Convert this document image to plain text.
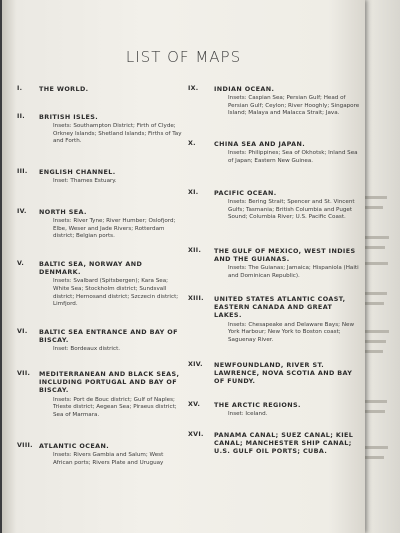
LIST OF MAPS
I.	THE WORLD.
II.	BRITISH ISLES.
Insets: Southampton District; Firth of Clyde; Orkney Islands; Shetland Islands; Firths of Tay and Forth.
III.	ENGLISH CHANNEL.
Inset: Thames Estuary.
IV.	NORTH SEA.
Insets: River Tyne; River Humber; Oslofjord; Elbe, Weser and Jade Rivers; Rotterdam district; Belgian ports.
V.	BALTIC SEA, NORWAY AND DENMARK.
Insets: Svalbard (Spitsbergen); Kara Sea; White Sea; Stockholm district; Sundsvall district; Hernosand district; Szczecin district; Limfjord.
VI.	BALTIC SEA ENTRANCE AND BAY OF BISCAY.
Inset: Bordeaux district.
VII.	MEDITERRANEAN AND BLACK SEAS, INCLUDING PORTUGAL AND BAY OF BISCAY.
Insets: Port de Bouc district; Gulf of Naples; Trieste district; Aegean Sea; Piraeus district; Sea of Marmara.
VIII. ATLANTIC OCEAN.
Insets: Rivers Gambia and Salum; West African ports; Rivers Plate and Uruguay
IX.	INDIAN OCEAN.
Insets: Caspian Sea; Persian Gulf; Head of Persian Gulf; Ceylon; River Hooghly; Singapore Island; Malaya and Malacca Strait; Java.
X.	CHINA SEA AND JAPAN.
Insets: Philippines; Sea of Okhotsk; Inland Sea of Japan; Eastern New Guinea.
XI.	PACIFIC OCEAN.
Insets: Bering Strait; Spencer and St. Vincent Gulfs; Tasmania; British Columbia and Puget Sound; Columbia River; U.S. Pacific Coast.
XII.	THE GULF OF MEXICO, WEST INDIES AND THE GUIANAS.
Insets: The Guianas; Jamaica; Hispaniola (Haiti and Dominican Republic).
XIII.	UNITED STATES ATLANTIC COAST, EASTERN CANADA AND GREAT LAKES.
Insets: Chesapeake and Delaware Bays; New York Harbour; New York to Boston coast; Saguenay River.
XIV.	NEWFOUNDLAND, RIVER ST. LAWRENCE, NOVA SCOTIA AND BAY OF FUNDY.
XV.	THE ARCTIC REGIONS.
Inset: Iceland.
XVI.	PANAMA CANAL; SUEZ CANAL; KIEL CANAL; MANCHESTER SHIP CANAL; U.S. GULF OIL PORTS; CUBA.
